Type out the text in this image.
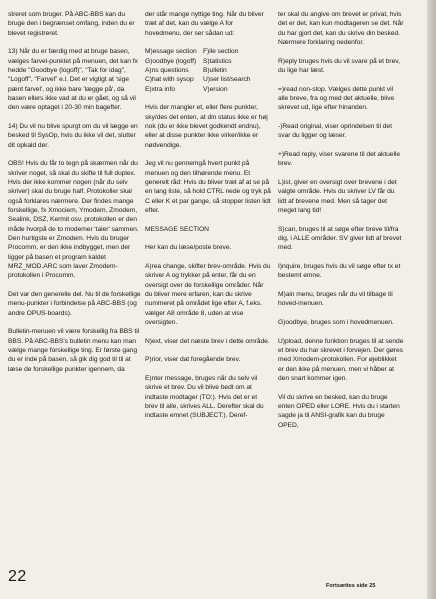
streret som bruger. På ABC-BBS kan du bruge den i begrænset omfang, inden du er blevet registreret.

13) Når du er færdig med at bruge basen, vælges farvel-punktet på menuen, det kan fx hedde "Goodbye (logoff)", "Tak for idag", "Logoff", "Farvel" e.l. Det er vigtigt at 'sige pænt farvel', og ikke bare 'lægge på', da basen ellers ikke vad at du er gået, og så vil den være optaget i 20-30 min bagefter.

14) Du vil nu blive spurgt om du vil lægge en besked til SysOp, hvis du ikke vil det, slutter dit opkald der.

OBS! Hvis du får to tegn på skærmen når du skriver noget, så skal du skifte til full duplex. Hvis der ikke kommer nogen (når du selv skriver) skal du bruge half. Protokoller skal også forklares nærmere. Der findes mange forskellige, fx Xmociem, Ymodem, Zmodem, Sealink, DSZ, Kermit osv. protokollen er den måde hvorpå de to modemer 'taler' sammen. Den hurtigste er Zmodem. Hvis du bruger Procomm, er den ikke indbygget, men der ligger på basen et program kaldet MRZ_MOD.ARC som laver Zmodem-protokollen i Procomm.

Det var den generelle del. Nu til de forskellige menu-punkter i forbindelse på ABC-BBS (og andre OPUS-boards).

Bulletin-menuen vil være forskellig fra BBS til BBS. På ABC-BBS's bulletin menu kan man vælge mange forskellige ting. Er første gang du er inde på basen, så gik dig god til til at læse de forskellige punkter igennem, da

der står mange nyttige ting. Når du bliver træt af det, kan du vælge A for hovedmenu, der ser sådan ud:

M)essage section F)ile section
G)oodbye (logoff)	S)tatistics
A)ns questions	B)ulletin
C)hat with sysop	U)ser list/search
E)xtra info	V)ersion

Hvis der mangler et, eller flere punkter, sky/des det enten, at din status ikke er høj nok (du er ikke blevet godkendt endnu), eller at disse punkter ikke virker/ikke er nødvendige.

Jeg vil nu gennemgå hvert punkt på menuen og den tilhørende menu. Et generelt råd: Hvis du bliver træt af at se på en lang liste, så hold CTRL nede og tryk på C eller K et par gange, så stopper listen lidt efter.

MESSAGE SECTION

Her kan du læse/poste breve.

A)rea change, skifter brev-område. Hvis du skriver A og trykker på enter, får du en oversigt over de forskellige områder. Når du bliver mere erfaren, kan du skrive nummeret på området lige efter A, f.eks. vælger A8 område 8, uden at vise oversigten.

N)ext, viser det næste brev i dette område.

P)rior, viser dat foregående brev.

E)nter message, bruges når du selv vil skrive et brev. Du vil blive bedt om at indtaste modtager (TO:). Hvis det er et brev til alle, skrives ALL. Derefter skal du indtaste emnet (SUBJECT:). Deref-

ter skal du angive om brevet er privat, hvis det er det, kan kun modtageren se det. Når du har gjort det, kan du skrive din besked. Nærmere forklaring nedenfor.

R)eply bruges hvis du vil svare på et brev, du lige har læst.

=)read non-stop. Vælges dette punkt vil alle breve, fra og med det aktuelle, blive skrevet ud, lige efter hinanden.

-)Read original, viser oprindelsen til det svar du ligger og læser.

+)Read reply, viser svarene til det aktuelle brev.

L)ist, giver en oversigt over brevene i det valgte område. Hvis du skriver LV får du lidt af brevene med. Men så tager det meget lang tid!

S)can, bruges til at søge efter breve til/fra dig, i ALLE områder. SV giver lidt af brevet med.

I)nquire, bruges hvis du vil søge efter tx et bestemt emne.

M)ain menu, bruges når du vil tilbage til hoved-menuen.

G)oodbye, bruges som i hovedmenuen.

U)pload, denne funktion bruges til at sende et brev du har skrevet i forvejen. Der gøres med Xmodem-protokollen. For øjeblikket er den ikke på menuen, men vi håber at den snart kommer igen.

Vil du skrive en besked, kan du bruge enten OPED eller LORE. Hvis du i starten sagde ja til ANSI-grafik kan du bruge OPED,

22
Fortsættes side 25
